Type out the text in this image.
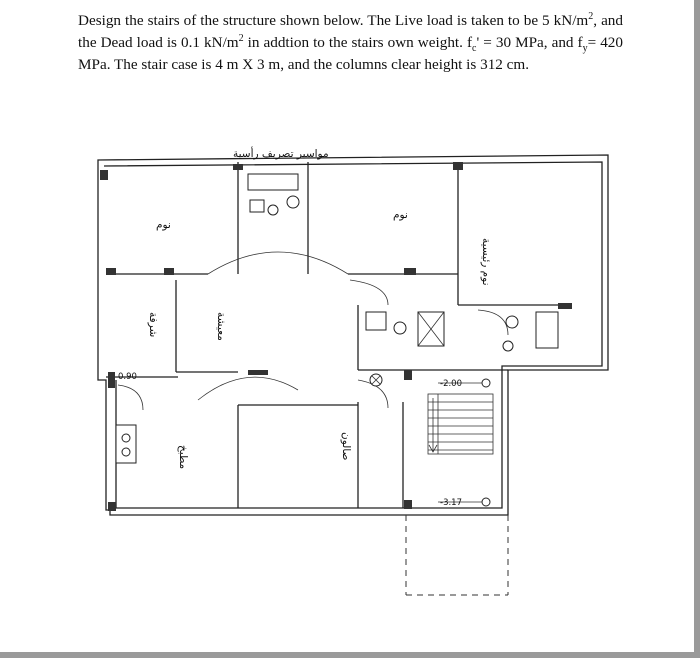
Design the stairs of the structure shown below. The Live load is taken to be 5 $kN/m^2$, and the Dead load is 0.1 $kN/m^2$ in addtion to the stairs own weight. $f_c' = 30$ MPa, and $f_y= 420$ MPa. The stair case is 4 m X 3 m, and the columns clear height is 312 cm.
مواسير تصريف رأسية
نوم
نوم
نوم رئيسية
شرفة	معيشة
مطبخ	صالون
-2.00
-3.17
0.90
